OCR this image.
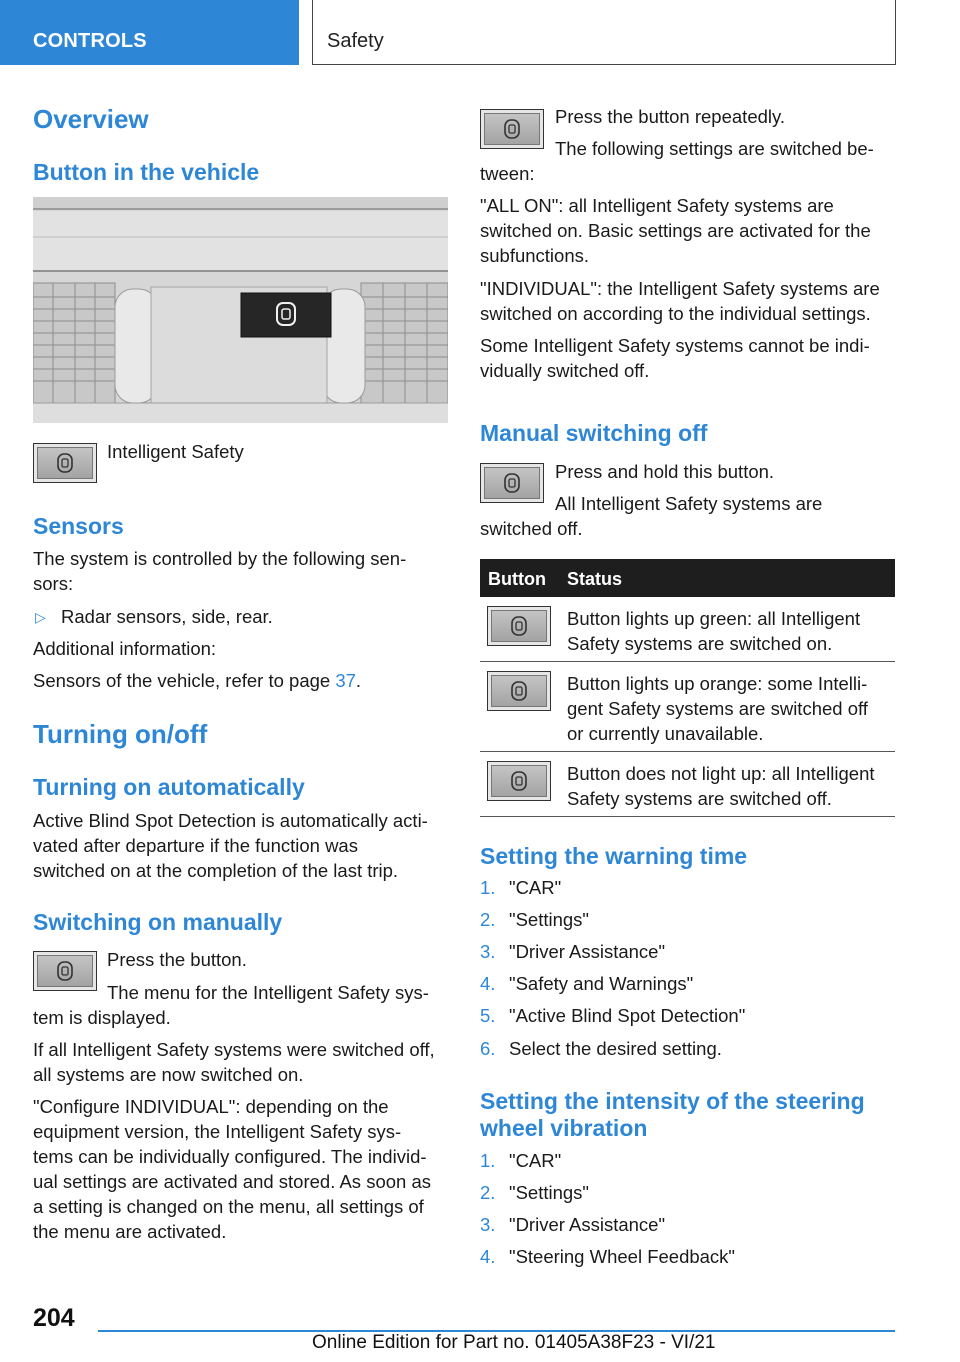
CONTROLS	Safety
Overview
Button in the vehicle
Intelligent Safety
Sensors
The system is controlled by the following sen-
sors:
▷ Radar sensors, side, rear.
Additional information:
Sensors of the vehicle, refer to page 37.
Turning on/off
Turning on automatically
Active Blind Spot Detection is automatically acti-
vated after departure if the function was
switched on at the completion of the last trip.
Switching on manually
Press the button.
The menu for the Intelligent Safety sys-
tem is displayed.
If all Intelligent Safety systems were switched off,
all systems are now switched on.
"Configure INDIVIDUAL": depending on the
equipment version, the Intelligent Safety sys-
tems can be individually configured. The individ-
ual settings are activated and stored. As soon as
a setting is changed on the menu, all settings of
the menu are activated.
Press the button repeatedly.
The following settings are switched be-
tween:
"ALL ON": all Intelligent Safety systems are
switched on. Basic settings are activated for the
subfunctions.
"INDIVIDUAL": the Intelligent Safety systems are
switched on according to the individual settings.
Some Intelligent Safety systems cannot be indi-
vidually switched off.
Manual switching off
Press and hold this button.
All Intelligent Safety systems are
switched off.
Button Status
Button lights up green: all Intelligent
Safety systems are switched on.
Button lights up orange: some Intelli-
gent Safety systems are switched off
or currently unavailable.
Button does not light up: all Intelligent
Safety systems are switched off.
Setting the warning time
1. "CAR"
2. "Settings"
3. "Driver Assistance"
4. "Safety and Warnings"
5. "Active Blind Spot Detection"
6. Select the desired setting.
Setting the intensity of the steering
wheel vibration
1. "CAR"
2. "Settings"
3. "Driver Assistance"
4. "Steering Wheel Feedback"
204
Online Edition for Part no. 01405A38F23 - VI/21
